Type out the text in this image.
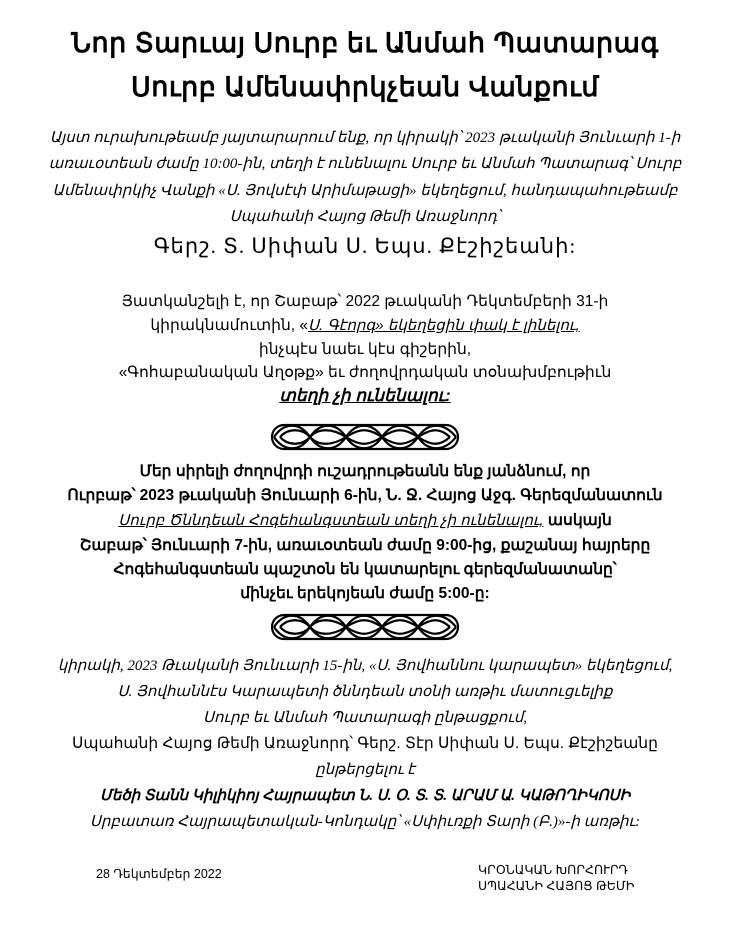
Նոր Տարւայ Սուրբ եւ Անմահ Պատարագ
Սուրբ Ամենափրկչեան Վանքում
Այստ ուրախութեամբ յայտարարում ենք, որ կիրակի՝ 2023 թւականի Յունւարի 1-ի
առաւօտեան ժամը 10:00-ին, տեղի է ունենալու Սուրբ եւ Անմահ Պատարագ՝ Սուրբ
Ամենափրկիչ Վանքի «Ս. Յովսէփ Արիմաթացի» եկեղեցում, հանդապահութեամբ
Սպահանի Հայոց Թեմի Առաջնորդ՝
Գերշ. Տ. Սիփան Ս. Եպս. Քէշիշեանի:
Յատկանշելի է, որ Շաբաթ՝ 2022 թւականի Դեկտեմբերի 31-ի
կիրակնամուտին, «Ս. Գէորգ» եկեղեցին փակ է լինելու,
ինչպէս նաեւ կէս գիշերին,
«Գոհաբանական Աղօթք» եւ ժողովրդական տօնախմբութիւն
տեղի չի ունենալու:
Մեր սիրելի ժողովրդի ուշադրութեանն ենք յանձնում, որ
Ուրբաթ՝ 2023 թւականի Յունւարի 6-ին, Ն. Ջ. Հայոց Աջգ. Գերեզմանատուն
Սուրբ Ծննդեան Հոգեհանգստեան տեղի չի ունենալու, ասկայն
Շաբաթ՝ Յունւարի 7-ին, առաւօտեան ժամը 9:00-ից, քաշանայ հայրերը
Հոգեհանգստեան պաշտօն են կատարելու գերեզմանատանը՝
մինչեւ երեկոյեան ժամը 5:00-ը:
կիրակի, 2023 Թւականի Յունւարի 15-ին, «Ս. Յովհաննու կարապետ» եկեղեցում,
Ս. Յովհաննէս Կարապետի ծննդեան տօնի առթիւ մատուցւելիք
Սուրբ եւ Անմահ Պատարագի ընթացքում,
Սպահանի Հայոց Թեմի Առաջնորդ՝ Գերշ. Տէր Սիփան Ս. Եպս. Քէշիշեանը
ընթերցելու է
Մեծի Տանն Կիլիկիոյ Հայրապետ Ն. Ս. Օ. Տ. Տ. ԱՐԱՄ Ա. ԿԱԹՈՂԻԿՈՍԻ
Սրբատառ Հայրապետական-Կոնդակը՝ «Սփիւռքի Տարի (Բ.)»-ի առթիւ:
28 Դեկտեմբեր 2022	ԿՐՕՆԱԿԱՆ ԽՈՐՀՈՒՐԴ
ՍՊԱՀԱՆԻ ՀԱՅՈՑ ԹԵՄԻ
